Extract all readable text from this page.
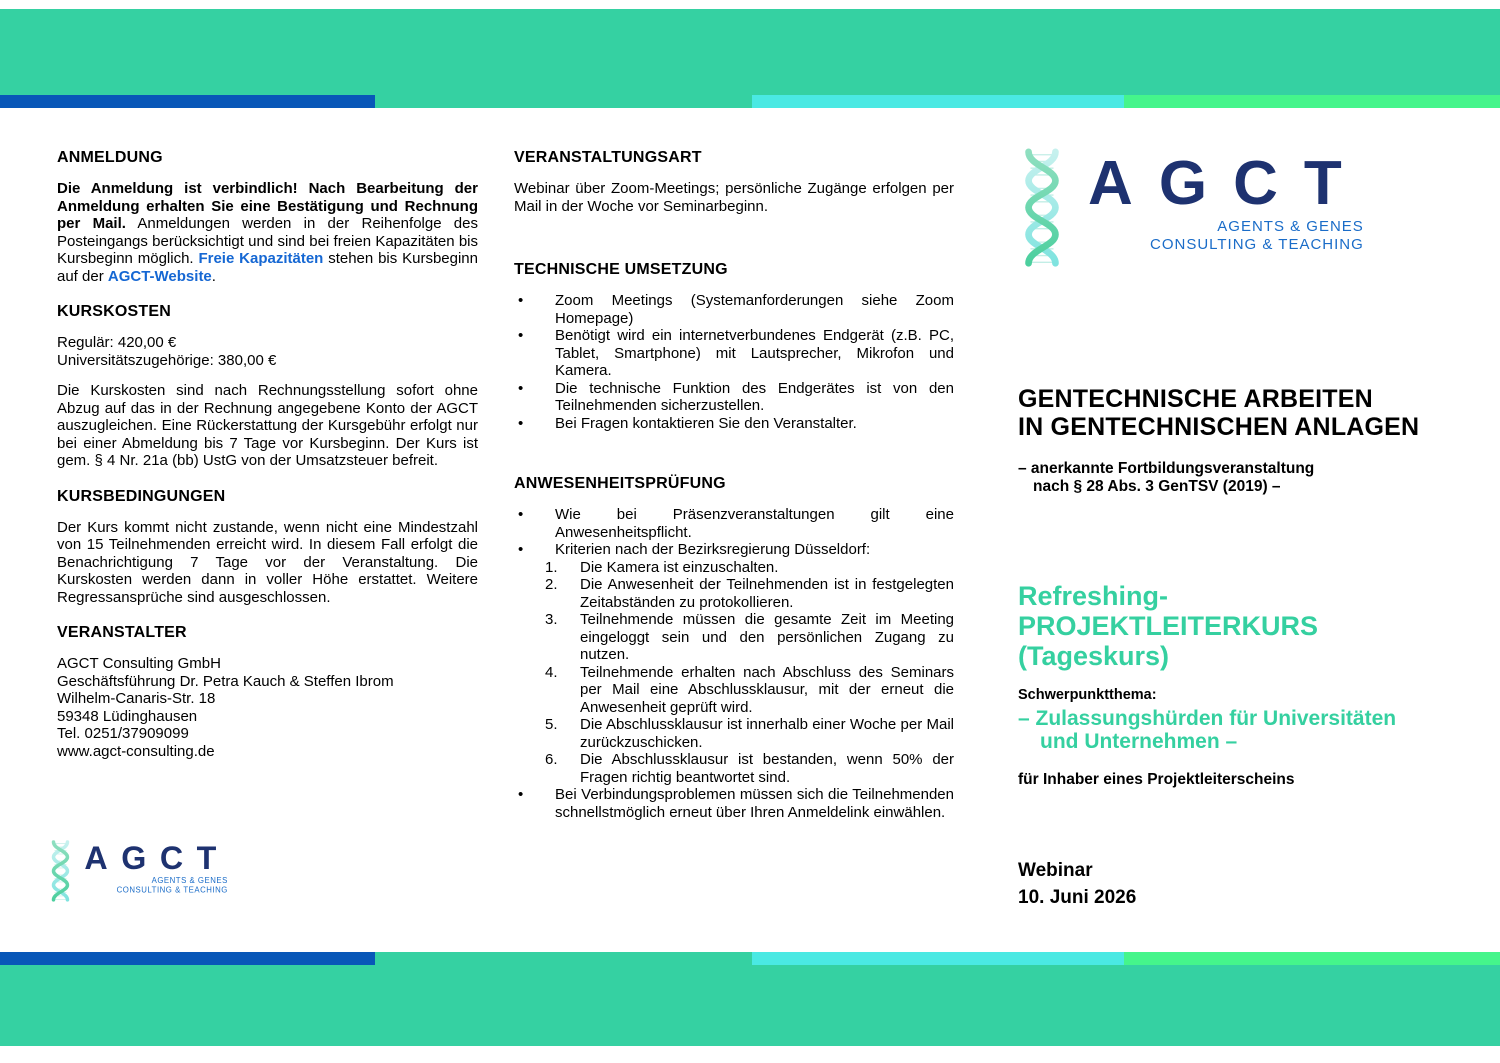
ANMELDUNG

Die Anmeldung ist verbindlich! Nach Bearbeitung der Anmeldung erhalten Sie eine Bestätigung und Rechnung per Mail. Anmeldungen werden in der Reihenfolge des Posteingangs berücksichtigt und sind bei freien Kapazitäten bis Kursbeginn möglich. Freie Kapazitäten stehen bis Kursbeginn auf der AGCT-Website.

KURSKOSTEN
Regulär: 420,00 €
Universitätszugehörige: 380,00 €

Die Kurskosten sind nach Rechnungsstellung sofort ohne Abzug auf das in der Rechnung angegebene Konto der AGCT auszugleichen. Eine Rückerstattung der Kursgebühr erfolgt nur bei einer Abmeldung bis 7 Tage vor Kursbeginn. Der Kurs ist gem. § 4 Nr. 21a (bb) UstG von der Umsatzsteuer befreit.

KURSBEDINGUNGEN

Der Kurs kommt nicht zustande, wenn nicht eine Mindestzahl von 15 Teilnehmenden erreicht wird. In diesem Fall erfolgt die Benachrichtigung 7 Tage vor der Veranstaltung. Die Kurskosten werden dann in voller Höhe erstattet. Weitere Regressansprüche sind ausgeschlossen.

VERANSTALTER
AGCT Consulting GmbH
Geschäftsführung Dr. Petra Kauch & Steffen Ibrom
Wilhelm-Canaris-Str. 18
59348 Lüdinghausen
Tel. 0251/37909099
www.agct-consulting.de
VERANSTALTUNGSART

Webinar über Zoom-Meetings; persönliche Zugänge erfolgen per Mail in der Woche vor Seminarbeginn.

TECHNISCHE UMSETZUNG
•	Zoom Meetings (Systemanforderungen siehe Zoom Homepage)
•	Benötigt wird ein internetverbundenes Endgerät (z.B. PC, Tablet, Smartphone) mit Lautsprecher, Mikrofon und Kamera.
•	Die technische Funktion des Endgerätes ist von den Teilnehmenden sicherzustellen.
•	Bei Fragen kontaktieren Sie den Veranstalter.
ANWESENHEITSPRÜFUNG
•	Wie bei Präsenzveranstaltungen gilt eine Anwesenheitspflicht.
•	Kriterien nach der Bezirksregierung Düsseldorf:
1.	Die Kamera ist einzuschalten.
2.	Die Anwesenheit der Teilnehmenden ist in festgelegten Zeitabständen zu protokollieren.
3.	Teilnehmende müssen die gesamte Zeit im Meeting eingeloggt sein und den persönlichen Zugang zu nutzen.
4.	Teilnehmende erhalten nach Abschluss des Seminars per Mail eine Abschlussklausur, mit der erneut die Anwesenheit geprüft wird.
5.	Die Abschlussklausur ist innerhalb einer Woche per Mail zurückzuschicken.
6.	Die Abschlussklausur ist bestanden, wenn 50% der Fragen richtig beantwortet sind.
•	Bei Verbindungsproblemen müssen sich die Teilnehmenden schnellstmöglich erneut über Ihren Anmeldelink einwählen.
AGCT
AGENTS & GENES
CONSULTING & TEACHING
GENTECHNISCHE ARBEITEN
IN GENTECHNISCHEN ANLAGEN
– anerkannte Fortbildungsveranstaltung
nach § 28 Abs. 3 GenTSV (2019) –
Refreshing-
PROJEKTLEITERKURS
(Tageskurs)
Schwerpunktthema:
– Zulassungshürden für Universitäten
und Unternehmen –
für Inhaber eines Projektleiterscheins
Webinar
10. Juni 2026
AGCT
AGENTS & GENES
CONSULTING & TEACHING
